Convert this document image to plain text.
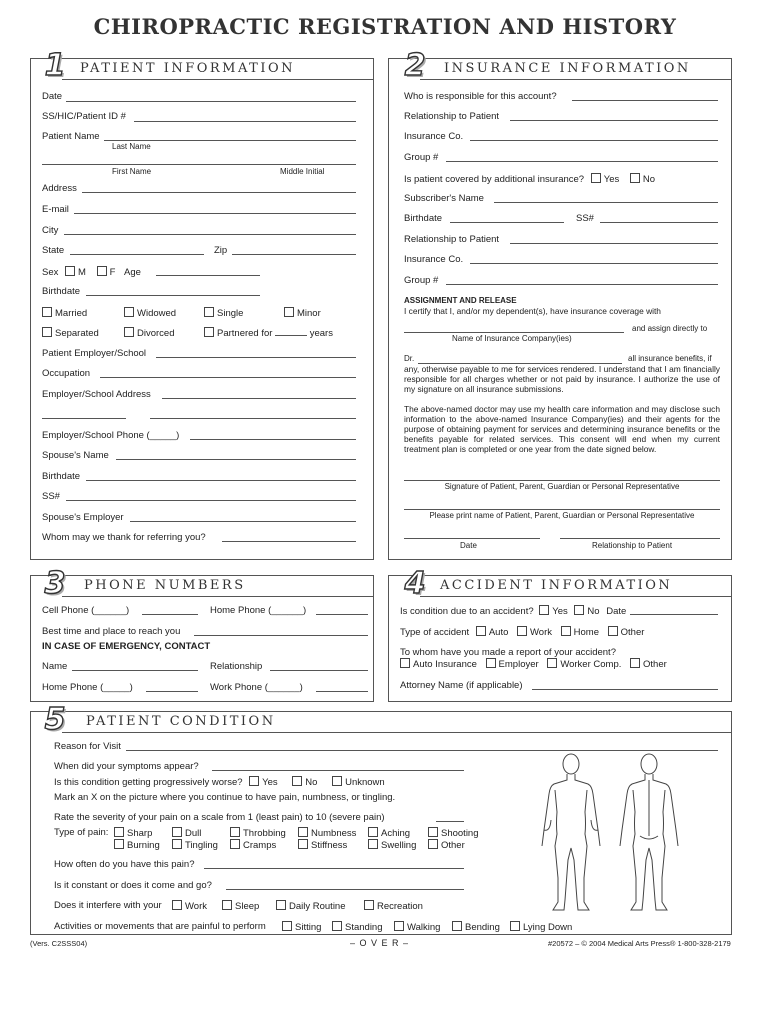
CHIROPRACTIC REGISTRATION AND HISTORY
1	PATIENT INFORMATION
Date
SS/HIC/Patient ID #
Patient Name
Last Name
First Name	Middle Initial
Address
E-mail
City
State	Zip
Sex M F Age
Birthdate
Married	Widowed	Single	Minor
Separated	Divorced	Partnered for	years
Patient Employer/School
Occupation
Employer/School Address
Employer/School Phone (_____)
Spouse's Name
Birthdate
SS#
Spouse's Employer
Whom may we thank for referring you?
2	INSURANCE INFORMATION
Who is responsible for this account?
Relationship to Patient
Insurance Co.
Group #
Is patient covered by additional insurance? Yes No
Subscriber's Name
Birthdate	SS#
Relationship to Patient
Insurance Co.
Group #
ASSIGNMENT AND RELEASE
I certify that I, and/or my dependent(s), have insurance coverage with
and assign directly to
Name of Insurance Company(ies)
Dr.	all insurance benefits, if
any, otherwise payable to me for services rendered. I understand that I am financially responsible for all charges whether or not paid by insurance. I authorize the use of my signature on all insurance submissions.
The above-named doctor may use my health care information and may disclose such information to the above-named Insurance Company(ies) and their agents for the purpose of obtaining payment for services and determining insurance benefits or the benefits payable for related services. This consent will end when my current treatment plan is completed or one year from the date signed below.
Signature of Patient, Parent, Guardian or Personal Representative
Please print name of Patient, Parent, Guardian or Personal Representative
Date	Relationship to Patient
3	PHONE NUMBERS
Cell Phone (______)	Home Phone (______)
Best time and place to reach you
IN CASE OF EMERGENCY, CONTACT
Name	Relationship
Home Phone (_____)	Work Phone (______)
4	ACCIDENT INFORMATION
Is condition due to an accident? Yes No Date
Type of accident Auto Work Home Other
To whom have you made a report of your accident?
Auto Insurance Employer Worker Comp. Other
Attorney Name (if applicable)
5	PATIENT CONDITION
Reason for Visit
When did your symptoms appear?
Is this condition getting progressively worse? Yes	No	Unknown
Mark an X on the picture where you continue to have pain, numbness, or tingling.
Rate the severity of your pain on a scale from 1 (least pain) to 10 (severe pain)
Type of pain:	Sharp	Dull	Throbbing	Numbness	Aching	Shooting
Burning	Tingling	Cramps	Stiffness	Swelling	Other
How often do you have this pain?
Is it constant or does it come and go?
Does it interfere with your	Work	Sleep	Daily Routine	Recreation
Activities or movements that are painful to perform	Sitting	Standing	Walking	Bending	Lying Down
(Vers. C2SSS04)	– O V E R –	#20572 – © 2004 Medical Arts Press® 1-800-328-2179
